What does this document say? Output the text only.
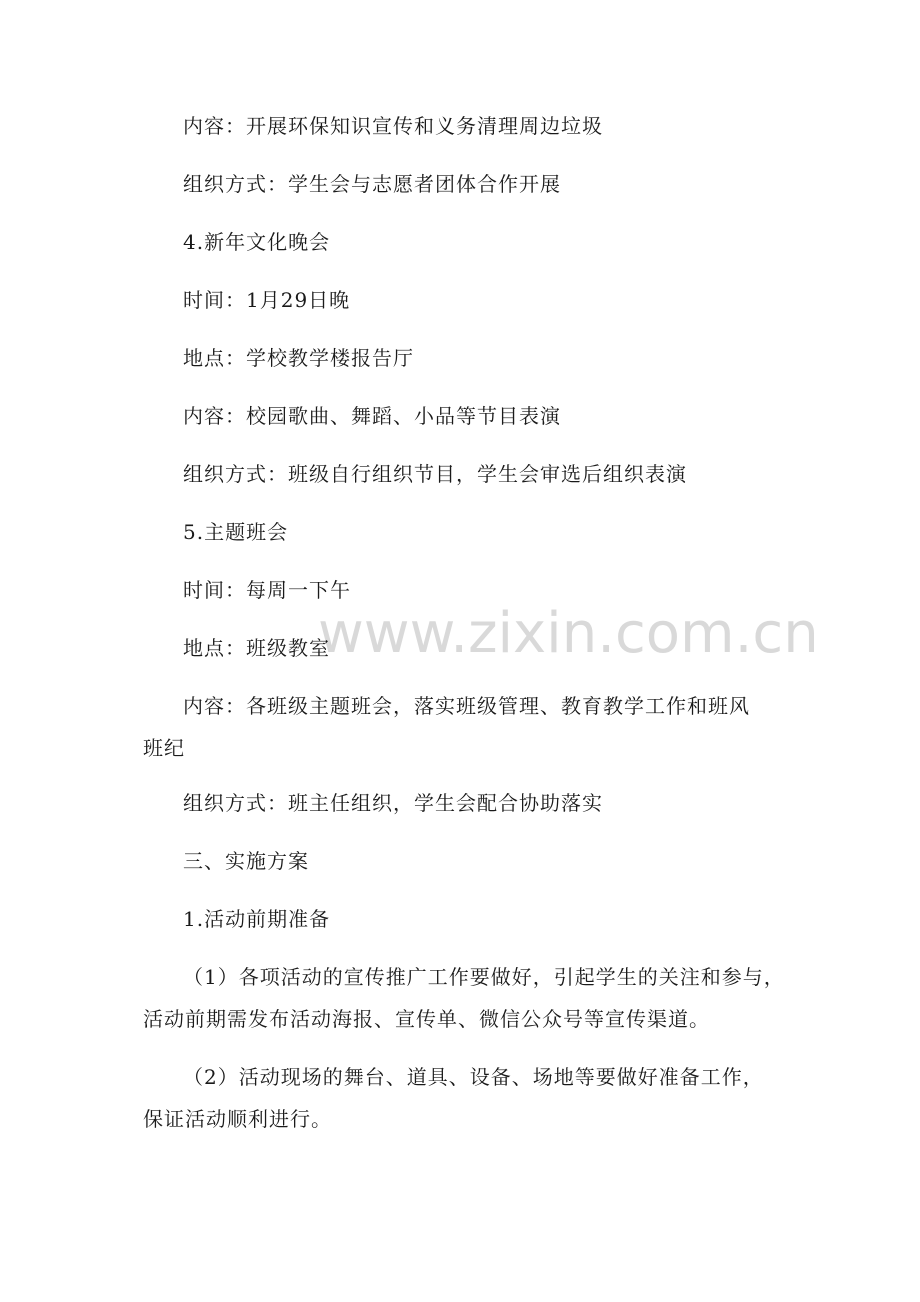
www.zixin.com.cn
内容：开展环保知识宣传和义务清理周边垃圾
组织方式：学生会与志愿者团体合作开展
4.新年文化晚会
时间：1月29日晚
地点：学校教学楼报告厅
内容：校园歌曲、舞蹈、小品等节目表演
组织方式：班级自行组织节目，学生会审选后组织表演
5.主题班会
时间：每周一下午
地点：班级教室
内容：各班级主题班会，落实班级管理、教育教学工作和班风
班纪
组织方式：班主任组织，学生会配合协助落实
三、实施方案
1.活动前期准备
（1）各项活动的宣传推广工作要做好，引起学生的关注和参与，
活动前期需发布活动海报、宣传单、微信公众号等宣传渠道。
（2）活动现场的舞台、道具、设备、场地等要做好准备工作，
保证活动顺利进行。
